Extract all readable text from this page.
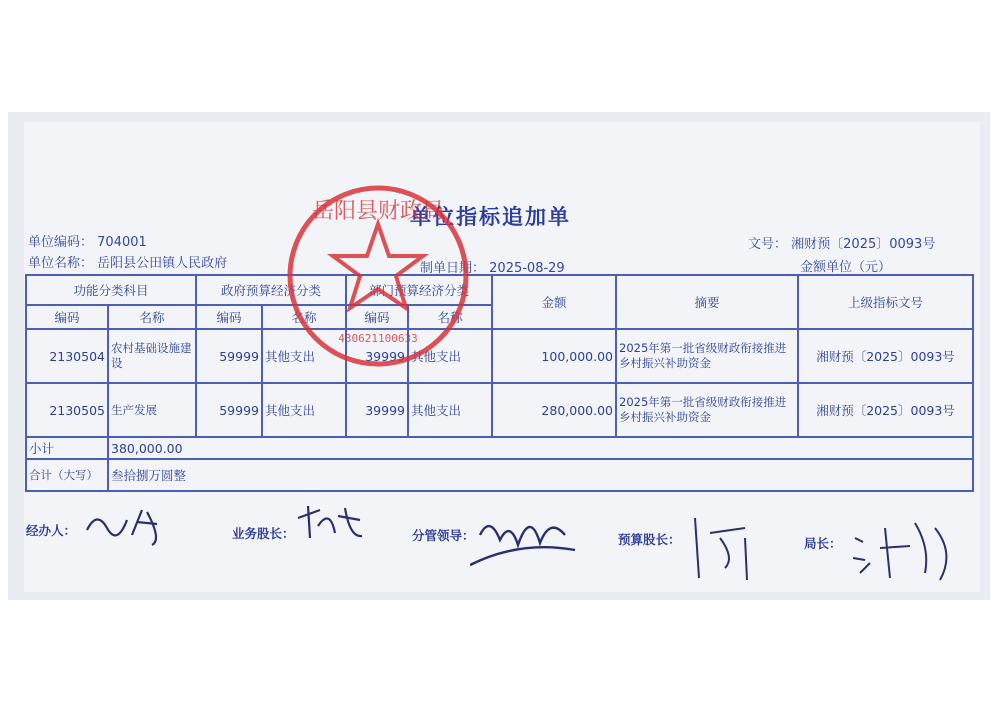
单位指标追加单
单位编码： 704001
单位名称： 岳阳县公田镇人民政府	制单日期： 2025-08-29
文号： 湘财预〔2025〕0093号
金额单位（元）
功能分类科目		政府预算经济分类		部门预算经济分类		金额	摘要	上级指标文号
编码	名称	编码	名称	编码	名称			
2130504	农村基础设施建设	59999	其他支出	39999	其他支出	100,000.00	2025年第一批省级财政衔接推进乡村振兴补助资金	湘财预〔2025〕0093号
2130505	生产发展	59999	其他支出	39999	其他支出	280,000.00	2025年第一批省级财政衔接推进乡村振兴补助资金	湘财预〔2025〕0093号
小计	380,000.00							
合计（大写）	叁拾捌万圆整							
岳阳县财政局
430621100633
经办人：	业务股长：	分管领导：	预算股长：	局长：
